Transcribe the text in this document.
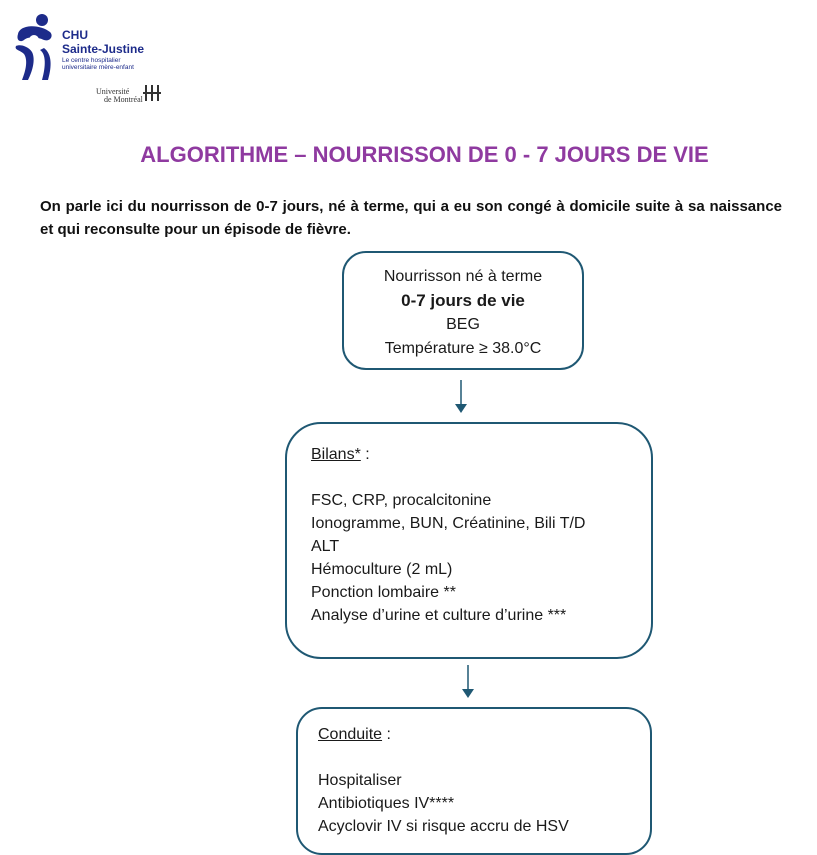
CHU
Sainte-Justine
Le centre hospitalier
universitaire mère-enfant
Université
de Montréal
ALGORITHME – NOURRISSON DE 0 - 7 JOURS DE VIE
On parle ici du nourrisson de 0-7 jours, né à terme, qui a eu son congé à domicile suite à sa naissance et qui reconsulte pour un épisode de fièvre.
Nourrisson né à terme
0-7 jours de vie
BEG
Température ≥ 38.0°C
Bilans* :
FSC, CRP, procalcitonine
Ionogramme, BUN, Créatinine, Bili T/D
ALT
Hémoculture (2 mL)
Ponction lombaire **
Analyse d’urine et culture d’urine ***
Conduite :
Hospitaliser
Antibiotiques IV****
Acyclovir IV si risque accru de HSV
